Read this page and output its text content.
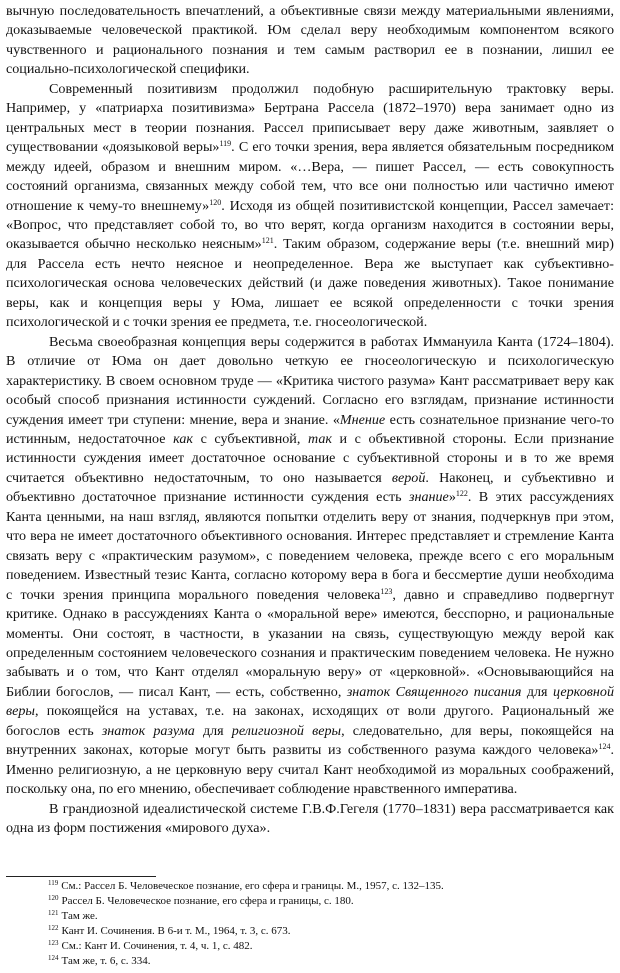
вычную последовательность впечатлений, а объективные связи между материальными явлениями, доказываемые человеческой практикой. Юм сделал веру необходимым компонентом всякого чувственного и рационального познания и тем самым растворил ее в познании, лишил ее социально-психологической специфики.

Современный позитивизм продолжил подобную расширительную трактовку веры. Например, у «патриарха позитивизма» Бертрана Рассела (1872–1970) вера занимает одно из центральных мест в теории познания. Рассел приписывает веру даже животным, заявляет о существовании «доязыковой веры»$^{119}$. С его точки зрения, вера является обязательным посредником между идеей, образом и внешним миром. «…Вера, — пишет Рассел, — есть совокупность состояний организма, связанных между собой тем, что все они полностью или частично имеют отношение к чему-то внешнему»$^{120}$. Исходя из общей позитивистской концепции, Рассел замечает: «Вопрос, что представляет собой то, во что верят, когда организм находится в состоянии веры, оказывается обычно несколько неясным»$^{121}$. Таким образом, содержание веры (т.е. внешний мир) для Рассела есть нечто неясное и неопределенное. Вера же выступает как субъективно-психологическая основа человеческих действий (и даже поведения животных). Такое понимание веры, как и концепция веры у Юма, лишает ее всякой определенности с точки зрения психологической и с точки зрения ее предмета, т.е. гносеологической.

Весьма своеобразная концепция веры содержится в работах Иммануила Канта (1724–1804). В отличие от Юма он дает довольно четкую ее гносеологическую и психологическую характеристику. В своем основном труде — «Критика чистого разума» Кант рассматривает веру как особый способ признания истинности суждений. Согласно его взглядам, признание истинности суждения имеет три ступени: мнение, вера и знание. «Мнение есть сознательное признание чего-то истинным, недостаточное как с субъективной, так и с объективной стороны. Если признание истинности суждения имеет достаточное основание с субъективной стороны и в то же время считается объективно недостаточным, то оно называется верой. Наконец, и субъективно и объективно достаточное признание истинности суждения есть знание»$^{122}$. В этих рассуждениях Канта ценными, на наш взгляд, являются попытки отделить веру от знания, подчеркнув при этом, что вера не имеет достаточного объективного основания. Интерес представляет и стремление Канта связать веру с «практическим разумом», с поведением человека, прежде всего с его моральным поведением. Известный тезис Канта, согласно которому вера в бога и бессмертие души необходима с точки зрения принципа морального поведения человека$^{123}$, давно и справедливо подвергнут критике. Однако в рассуждениях Канта о «моральной вере» имеются, бесспорно, и рациональные моменты. Они состоят, в частности, в указании на связь, существующую между верой как определенным состоянием человеческого сознания и практическим поведением человека. Не нужно забывать и о том, что Кант отделял «моральную веру» от «церковной». «Основывающийся на Библии богослов, — писал Кант, — есть, собственно, знаток Священного писания для церковной веры, покоящейся на уставах, т.е. на законах, исходящих от воли другого. Рациональный же богослов есть знаток разума для религиозной веры, следовательно, для веры, покоящейся на внутренних законах, которые могут быть развиты из собственного разума каждого человека»$^{124}$. Именно религиозную, а не церковную веру считал Кант необходимой из моральных соображений, поскольку она, по его мнению, обеспечивает соблюдение нравственного императива.

В грандиозной идеалистической системе Г.В.Ф.Гегеля (1770–1831) вера рассматривается как одна из форм постижения «мирового духа».

$^{119}$ См.: Рассел Б. Человеческое познание, его сфера и границы. М., 1957, с. 132–135.
$^{120}$ Рассел Б. Человеческое познание, его сфера и границы, с. 180.
$^{121}$ Там же.
$^{122}$ Кант И. Сочинения. В 6-и т. М., 1964, т. 3, с. 673.
$^{123}$ См.: Кант И. Сочинения, т. 4, ч. 1, с. 482.
$^{124}$ Там же, т. 6, с. 334.
